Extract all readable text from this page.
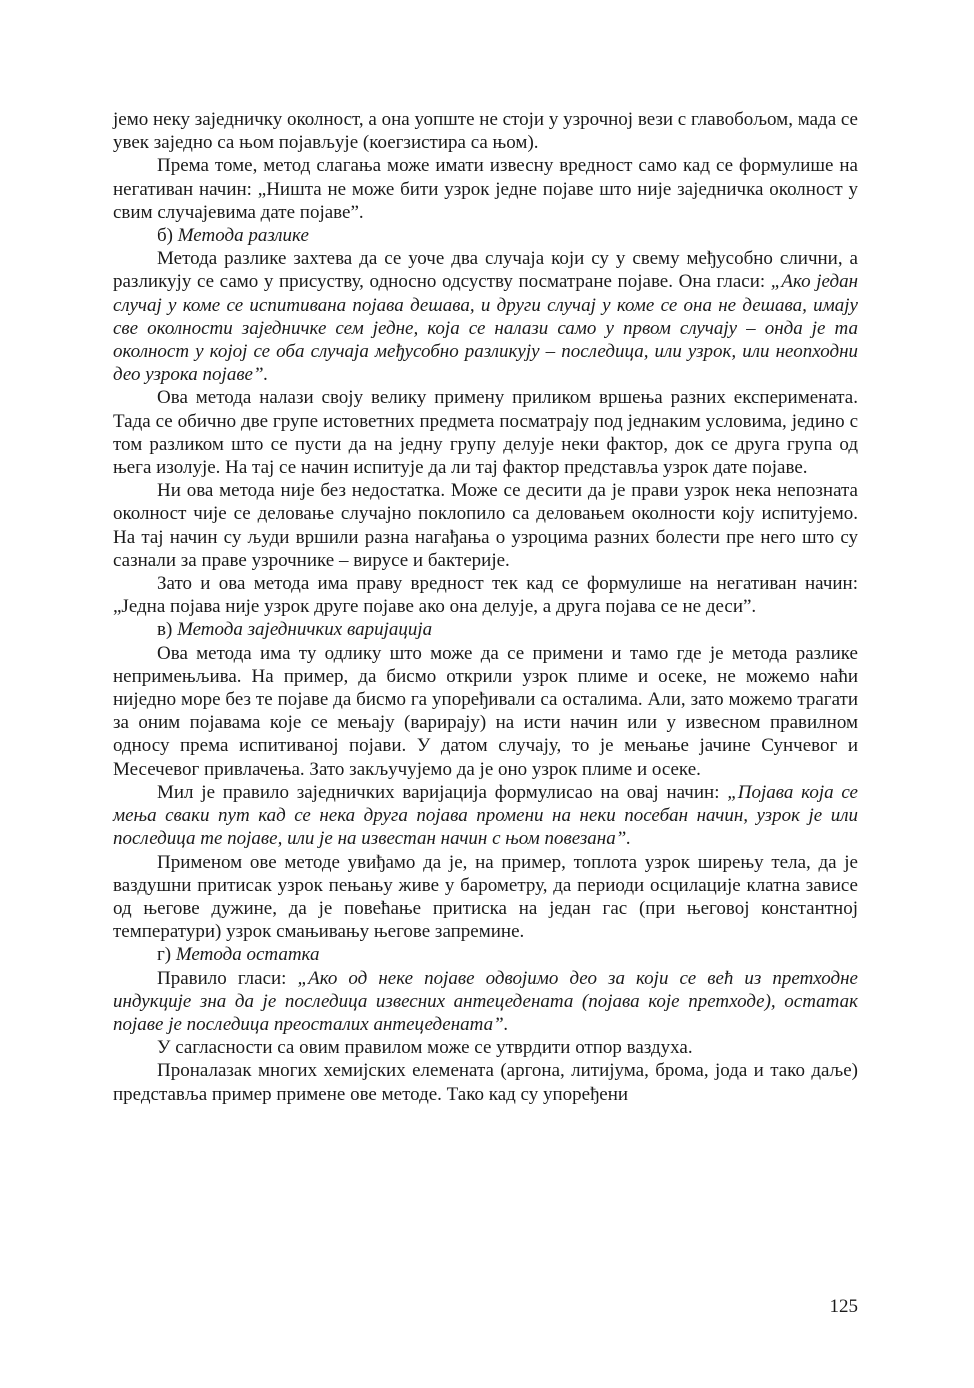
јемо неку заједничку околност, а она уопште не стоји у узрочној вези с главобољом, мада се увек заједно са њом појављује (коегзистира са њом).

Према томе, метод слагања може имати извесну вредност само кад се формулише на негативан начин: „Ништа не може бити узрок једне појаве што није заједничка околност у свим случајевима дате појаве”.

б) Метода разлике

Метода разлике захтева да се уоче два случаја који су у свему међусобно слични, а разликују се само у присуству, односно одсуству посматране појаве. Она гласи: „Ако један случај у коме се испитивана појава дешава, и други случај у коме се она не дешава, имају све околности заједничке сем једне, која се налази само у првом случају – онда је та околност у којој се оба случаја међусобно разликују – последица, или узрок, или неопходни део узрока појаве”.

Ова метода налази своју велику примену приликом вршења разних експеримената. Тада се обично две групе истоветних предмета посматрају под једнаким условима, једино с том разликом што се пусти да на једну групу делује неки фактор, док се друга група од њега изолује. На тај се начин испитује да ли тај фактор представља узрок дате појаве.

Ни ова метода није без недостатка. Може се десити да је прави узрок нека непозната околност чије се деловање случајно поклопило са деловањем околности коју испитујемо. На тај начин су људи вршили разна нагађања о узроцима разних болести пре него што су сазнали за праве узрочнике – вирусе и бактерије.

Зато и ова метода има праву вредност тек кад се формулише на негативан начин: „Једна појава није узрок друге појаве ако она делује, а друга појава се не деси”.

в) Метода заједничких варијација

Ова метода има ту одлику што може да се примени и тамо где је метода разлике непримењљива. На пример, да бисмо открили узрок плиме и осеке, не можемо наћи ниједно море без те појаве да бисмо га упоређивали са осталима. Али, зато можемо трагати за оним појавама које се мењају (варирају) на исти начин или у извесном правилном односу према испитиваној појави. У датом случају, то је мењање јачине Сунчевог и Месечевог привлачења. Зато закључујемо да је оно узрок плиме и осеке.

Мил је правило заједничких варијација формулисао на овај начин: „Појава која се мења сваки пут кад се нека друга појава промени на неки посебан начин, узрок је или последица те појаве, или је на известан начин с њом повезана”.

Применом ове методе увиђамо да је, на пример, топлота узрок ширењу тела, да је ваздушни притисак узрок пењању живе у барометру, да периоди осцилације клатна зависе од његове дужине, да је повећање притиска на један гас (при његовој константној температури) узрок смањивању његове запремине.

г) Метода остатка

Правило гласи: „Ако од неке појаве одвојимо део за који се већ из претходне индукције зна да је последица извесних антецедената (појава које претходе), остатак појаве је последица преосталих антецедената”.

У сагласности са овим правилом може се утврдити отпор ваздуха.

Проналазак многих хемијских елемената (аргона, литијума, брома, јода и тако даље) представља пример примене ове методе. Тако кад су упоређени

125
